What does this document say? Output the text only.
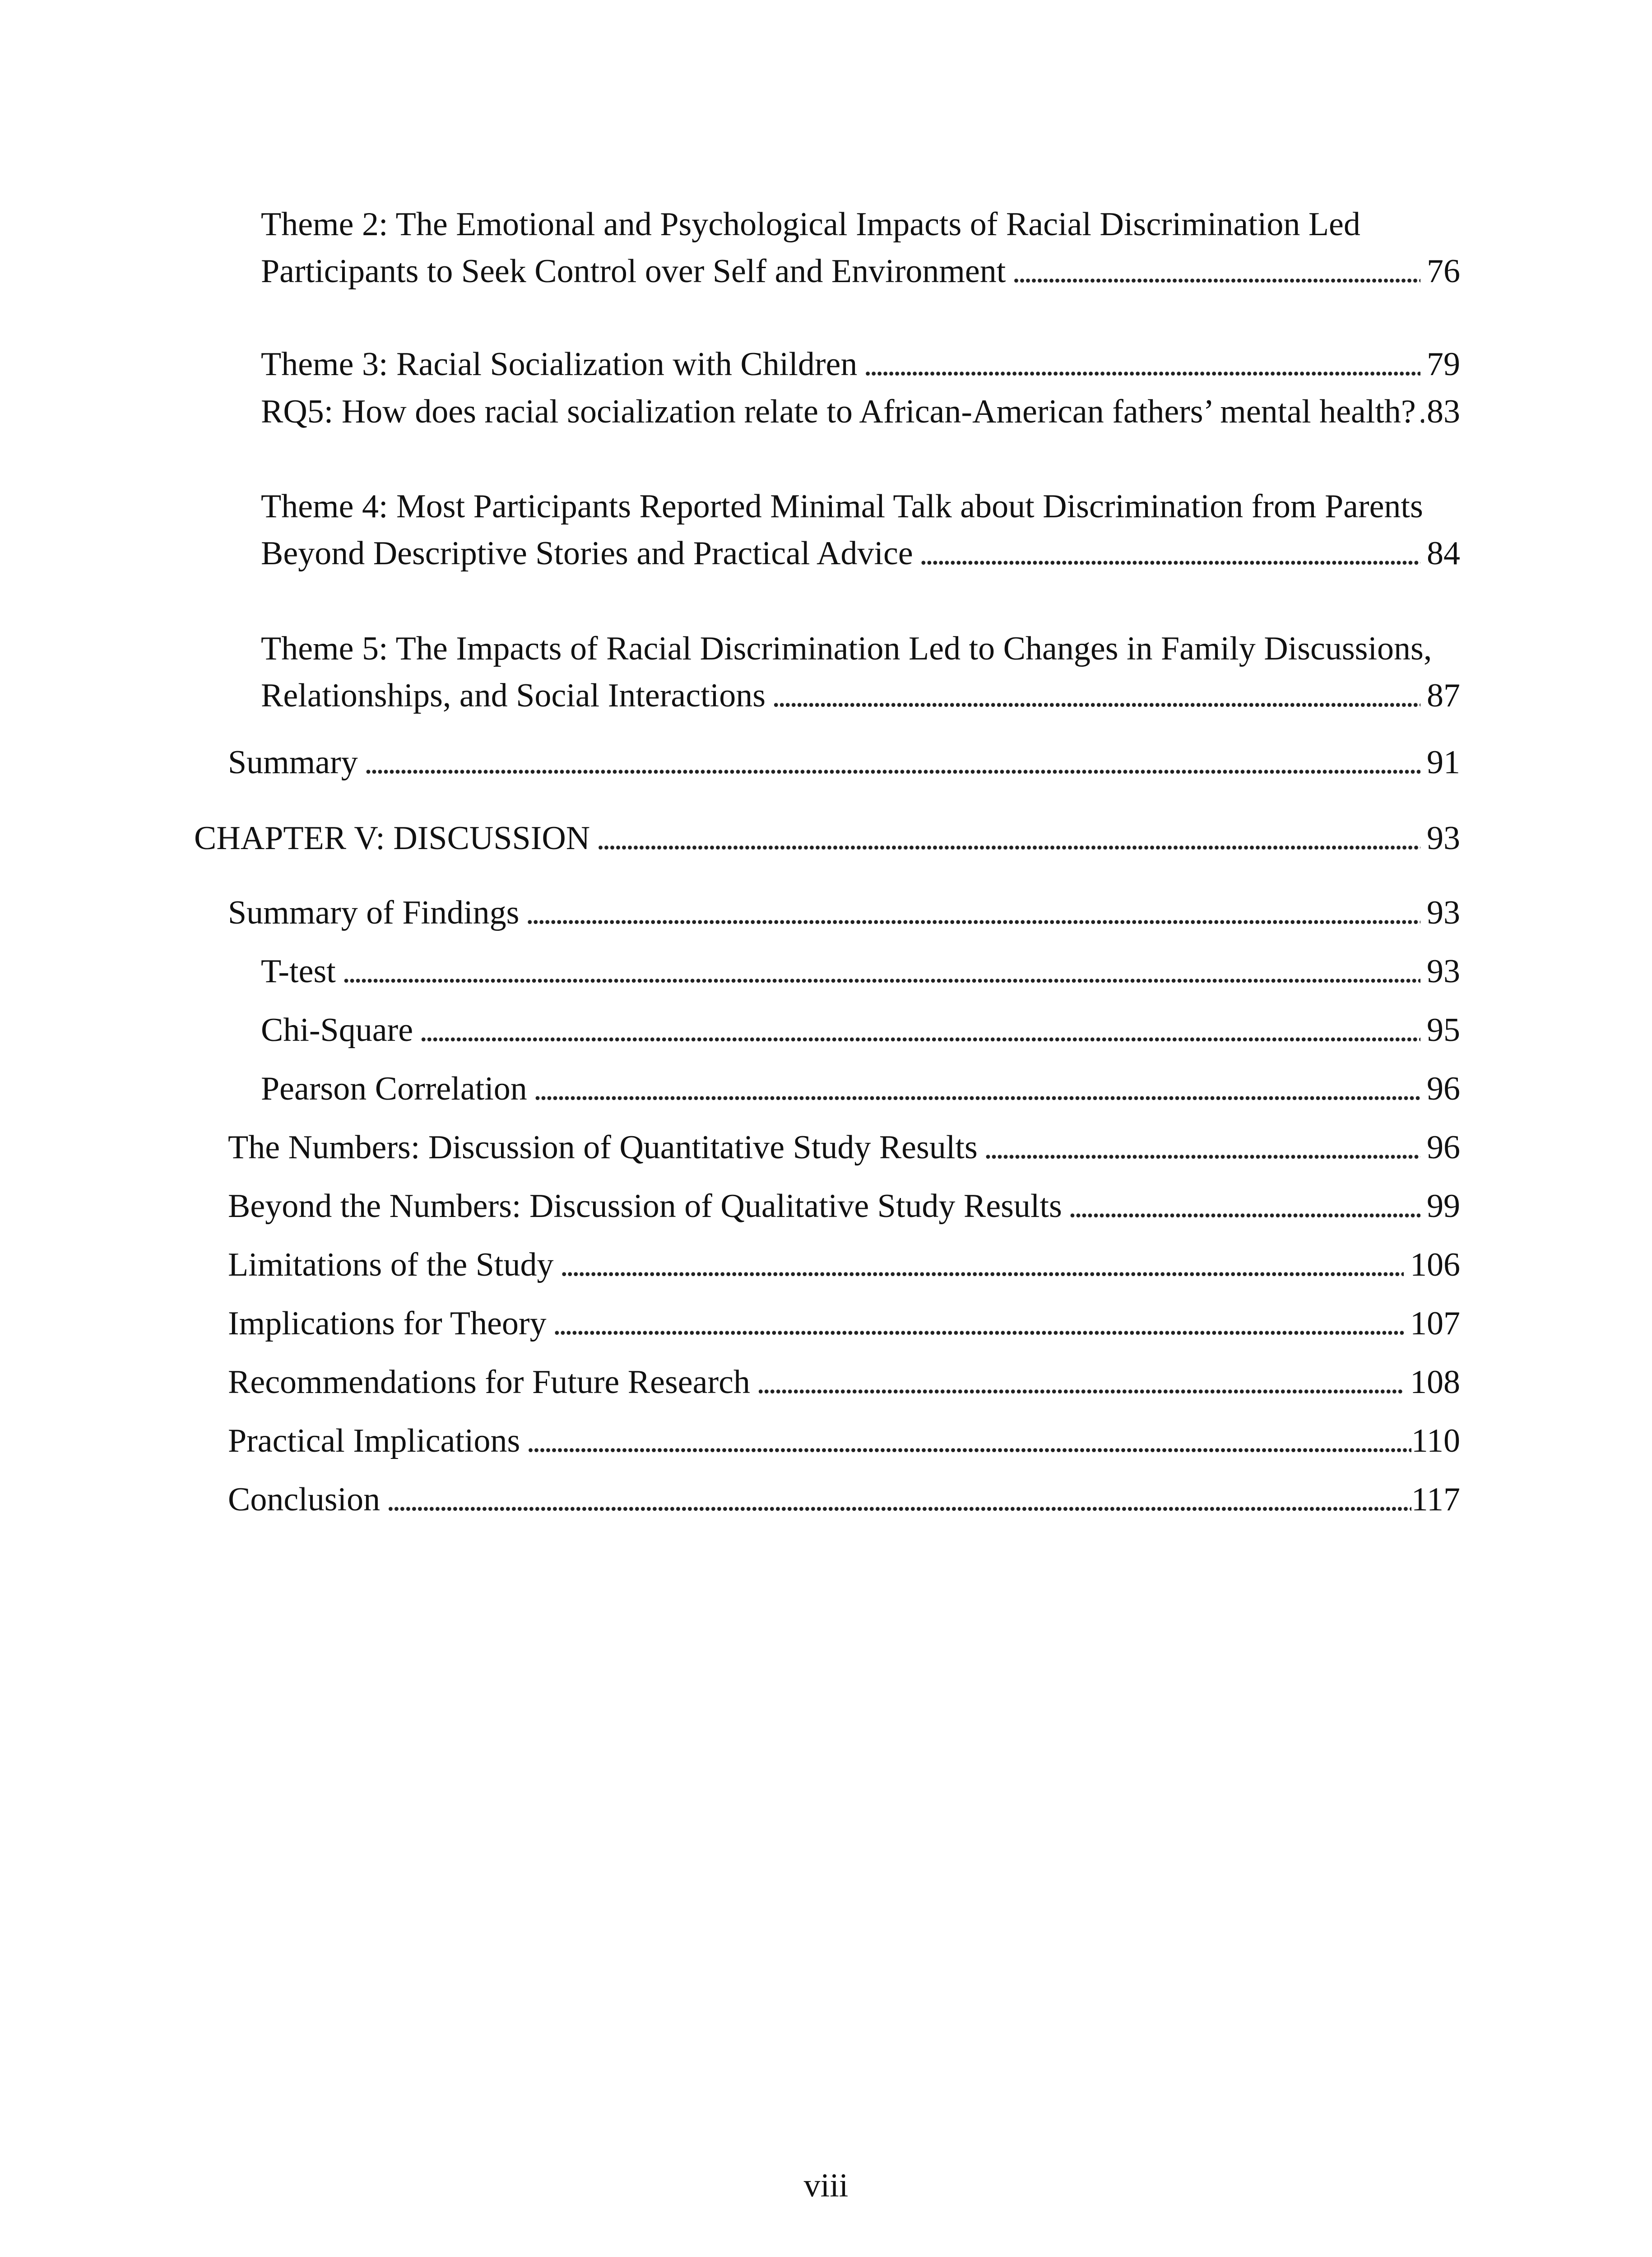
Theme 2: The Emotional and Psychological Impacts of Racial Discrimination Led
Participants to Seek Control over Self and Environment . . .	76
Theme 3: Racial Socialization with Children . . .	79
RQ5: How does racial socialization relate to African-American fathers’ mental health? . . . 83
Theme 4: Most Participants Reported Minimal Talk about Discrimination from Parents
Beyond Descriptive Stories and Practical Advice . . .	84
Theme 5: The Impacts of Racial Discrimination Led to Changes in Family Discussions,
Relationships, and Social Interactions . . .	87
Summary . . .	91
CHAPTER V: DISCUSSION . . .	93
Summary of Findings . . .	93
T-test . . .	93
Chi-Square . . .	95
Pearson Correlation . . .	96
The Numbers: Discussion of Quantitative Study Results . . .	96
Beyond the Numbers: Discussion of Qualitative Study Results . . .	99
Limitations of the Study . . .	106
Implications for Theory . . .	107
Recommendations for Future Research . . .	108
Practical Implications . . .	110
Conclusion . . .	117
viii
